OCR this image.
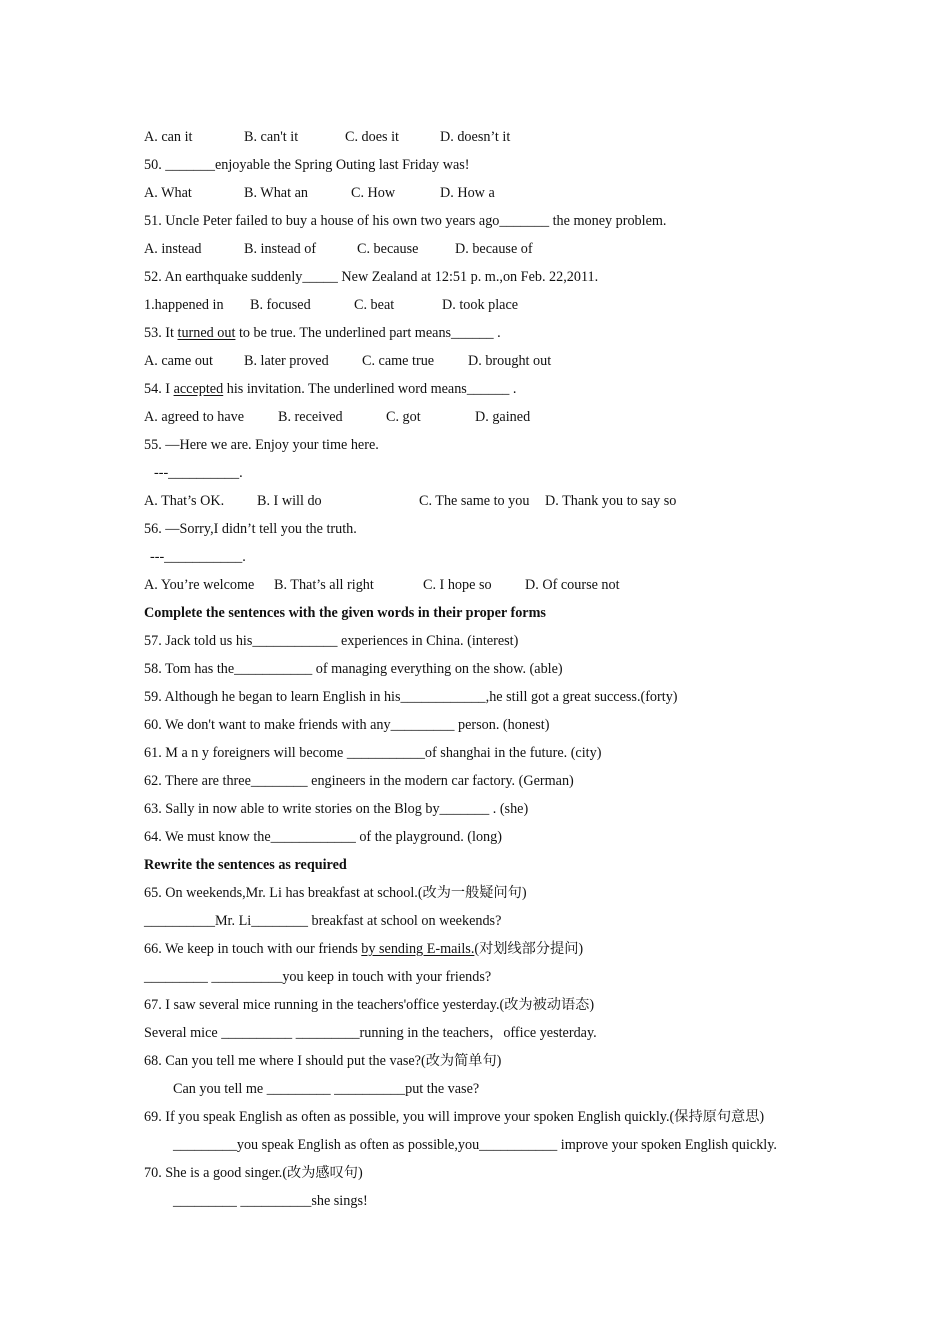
A. can it	B. can't it	C. does it	D. doesn’t it
50. _______enjoyable the Spring Outing last Friday was!
A. What	B. What an	C. How	D. How a
51. Uncle Peter failed to buy a house of his own two years ago_______ the money problem.
A. instead	B. instead of	C. because	D. because of
52. An earthquake suddenly_____ New Zealand at 12:51 p. m.,on Feb. 22,2011.
1.happened in B. focused	C. beat	D. took place
53. It turned out to be true. The underlined part means______ .
A. came out B. later proved C. came true D. brought out
54. I accepted his invitation. The underlined word means______ .
A. agreed to have B. received	C. got	D. gained
55. —Here we are. Enjoy your time here.
---__________.
A. That’s OK. B. I will do	C. The same to you D. Thank you to say so
56. —Sorry,I didn’t tell you the truth.
---___________.
A. You’re welcome B. That’s all right	C. I hope so D. Of course not
Complete the sentences with the given words in their proper forms
57. Jack told us his____________ experiences in China. (interest)
58. Tom has the___________ of managing everything on the show. (able)
59. Although he began to learn English in his____________,he still got a great success.(forty)
60. We don't want to make friends with any_________ person. (honest)
61. M a n y foreigners will become ___________of shanghai in the future. (city)
62. There are three________ engineers in the modern car factory. (German)
63. Sally in now able to write stories on the Blog by_______ . (she)
64. We must know the____________ of the playground. (long)
Rewrite the sentences as required
65. On weekends,Mr. Li has breakfast at school.(改为一般疑问句)
__________Mr. Li________ breakfast at school on weekends?
66. We keep in touch with our friends by sending E-mails.(对划线部分提问)
_________ __________you keep in touch with your friends?
67. I saw several mice running in the teachers'office yesterday.(改为被动语态)
Several mice __________ _________running in the teachers，office yesterday.
68. Can you tell me where I should put the vase?(改为简单句)
Can you tell me _________ __________put the vase?
69. If you speak English as often as possible, you will improve your spoken English quickly.(保持原句意思)
_________you speak English as often as possible,you___________ improve your spoken English quickly.
70. She is a good singer.(改为感叹句)
_________ __________she sings!
